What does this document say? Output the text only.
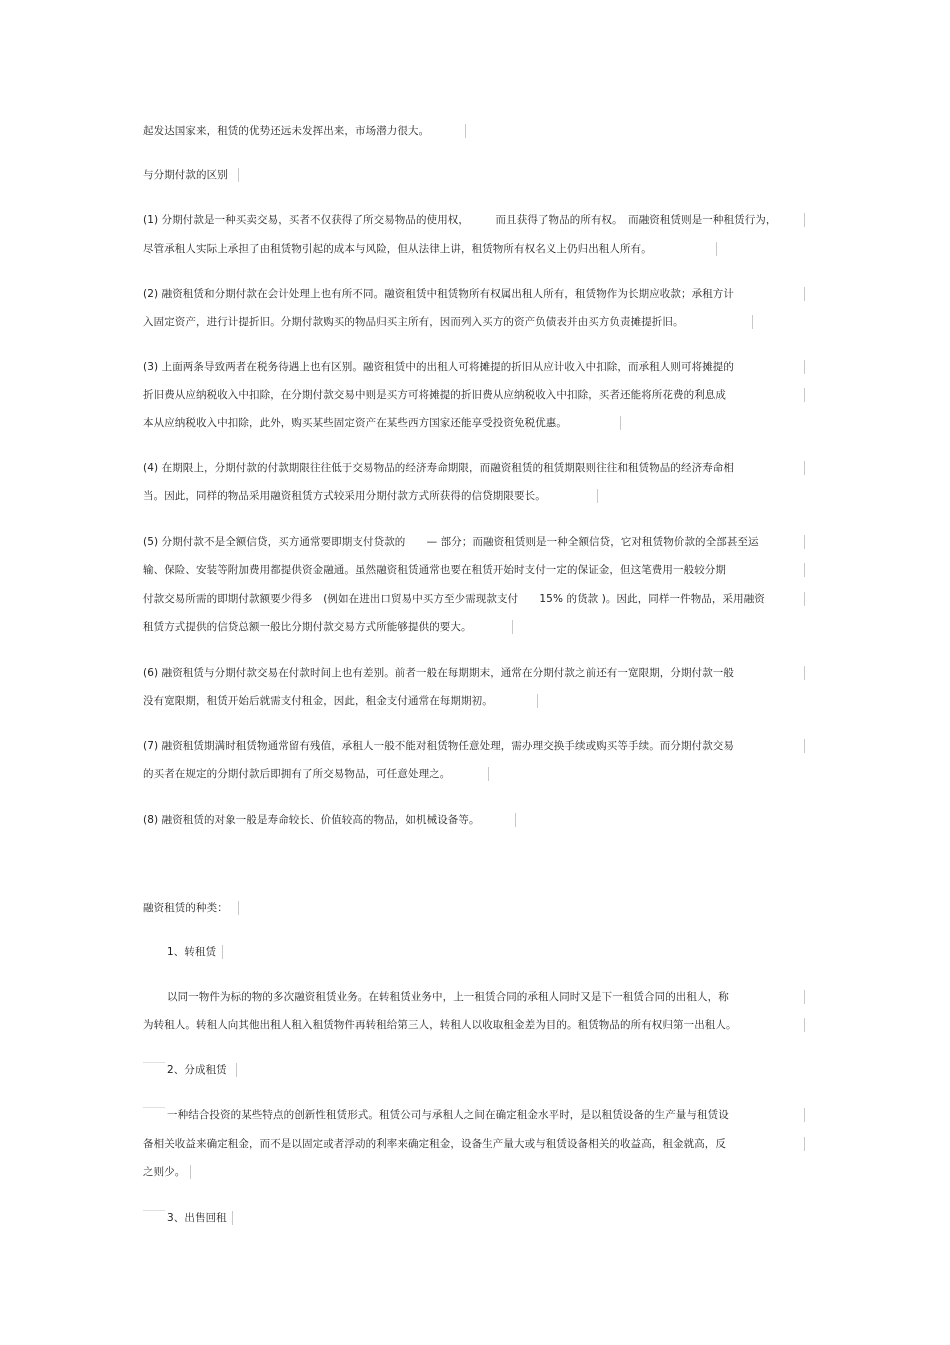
起发达国家来，租赁的优势还远未发挥出来，市场潜力很大。
与分期付款的区别
(1) 分期付款是一种买卖交易，买者不仅获得了所交易物品的使用权，　　　而且获得了物品的所有权。　而融资租赁则是一种租赁行为，
尽管承租人实际上承担了由租赁物引起的成本与风险，但从法律上讲，租赁物所有权名义上仍归出租人所有。
(2) 融资租赁和分期付款在会计处理上也有所不同。融资租赁中租赁物所有权属出租人所有，租赁物作为长期应收款；承租方计
入固定资产，进行计提折旧。分期付款购买的物品归买主所有，因而列入买方的资产负债表并由买方负责摊提折旧。
(3) 上面两条导致两者在税务待遇上也有区别。融资租赁中的出租人可将摊提的折旧从应计收入中扣除，而承租人则可将摊提的
折旧费从应纳税收入中扣除，在分期付款交易中则是买方可将摊提的折旧费从应纳税收入中扣除，买者还能将所花费的利息成
本从应纳税收入中扣除，此外，购买某些固定资产在某些西方国家还能享受投资免税优惠。
(4) 在期限上，分期付款的付款期限往往低于交易物品的经济寿命期限，而融资租赁的租赁期限则往往和租赁物品的经济寿命相
当。因此，同样的物品采用融资租赁方式较采用分期付款方式所获得的信贷期限要长。
(5) 分期付款不是全额信贷，买方通常要即期支付贷款的　　— 部分；而融资租赁则是一种全额信贷，它对租赁物价款的全部甚至运
输、保险、安装等附加费用都提供资金融通。虽然融资租赁通常也要在租赁开始时支付一定的保证金，但这笔费用一般较分期
付款交易所需的即期付款额要少得多　(例如在进出口贸易中买方至少需现款支付　　15% 的货款 )。因此，同样一件物品，采用融资
租赁方式提供的信贷总额一般比分期付款交易方式所能够提供的要大。
(6) 融资租赁与分期付款交易在付款时间上也有差别。前者一般在每期期末，通常在分期付款之前还有一宽限期，分期付款一般
没有宽限期，租赁开始后就需支付租金，因此，租金支付通常在每期期初。
(7) 融资租赁期满时租赁物通常留有残值，承租人一般不能对租赁物任意处理，需办理交换手续或购买等手续。而分期付款交易
的买者在规定的分期付款后即拥有了所交易物品，可任意处理之。
(8) 融资租赁的对象一般是寿命较长、价值较高的物品，如机械设备等。
融资租赁的种类：
1、转租赁
以同一物件为标的物的多次融资租赁业务。在转租赁业务中，上一租赁合同的承租人同时又是下一租赁合同的出租人，称
为转租人。转租人向其他出租人租入租赁物件再转租给第三人，转租人以收取租金差为目的。租赁物品的所有权归第一出租人。
2、分成租赁
一种结合投资的某些特点的创新性租赁形式。租赁公司与承租人之间在确定租金水平时，是以租赁设备的生产量与租赁设
备相关收益来确定租金，而不是以固定或者浮动的利率来确定租金，设备生产量大或与租赁设备相关的收益高，租金就高，反
之则少。
3、出售回租
